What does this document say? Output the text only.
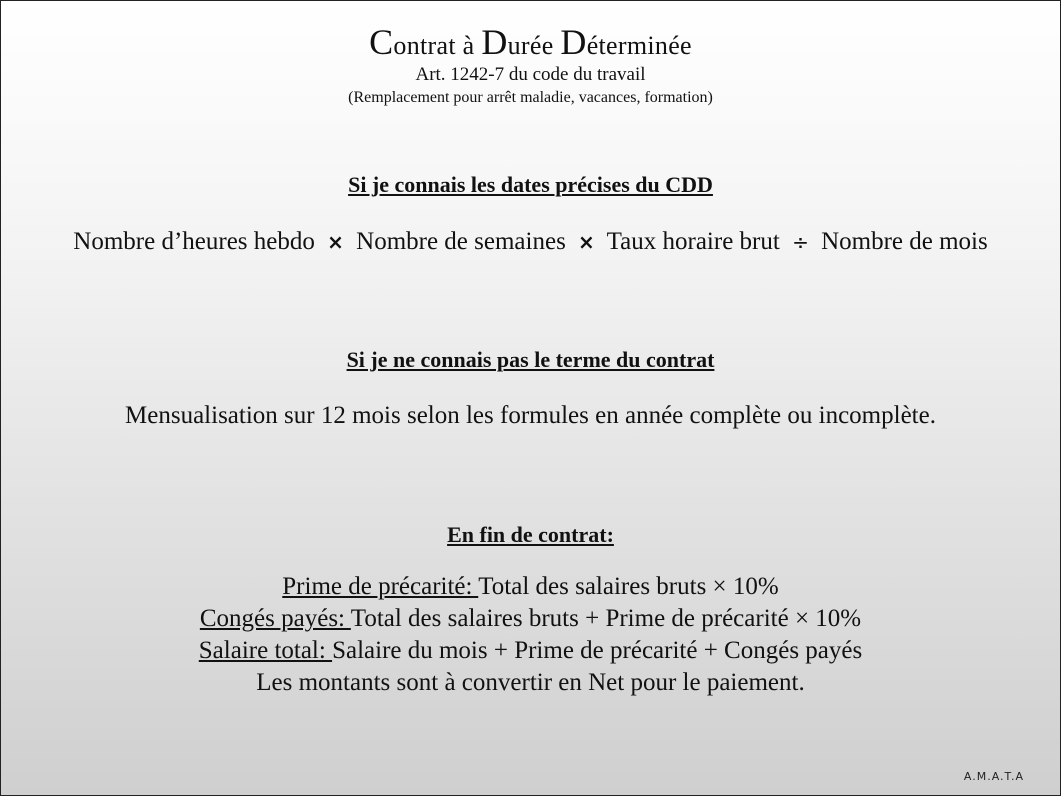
Contrat à Durée Déterminée
Art. 1242-7 du code du travail
(Remplacement pour arrêt maladie, vacances, formation)
Si je connais les dates précises du CDD
Nombre d’heures hebdo × Nombre de semaines × Taux horaire brut ÷ Nombre de mois
Si je ne connais pas le terme du contrat
Mensualisation sur 12 mois selon les formules en année complète ou incomplète.
En fin de contrat:
Prime de précarité: Total des salaires bruts × 10%
Congés payés: Total des salaires bruts + Prime de précarité × 10%
Salaire total: Salaire du mois + Prime de précarité + Congés payés
Les montants sont à convertir en Net pour le paiement.
A.M.A.T.A
